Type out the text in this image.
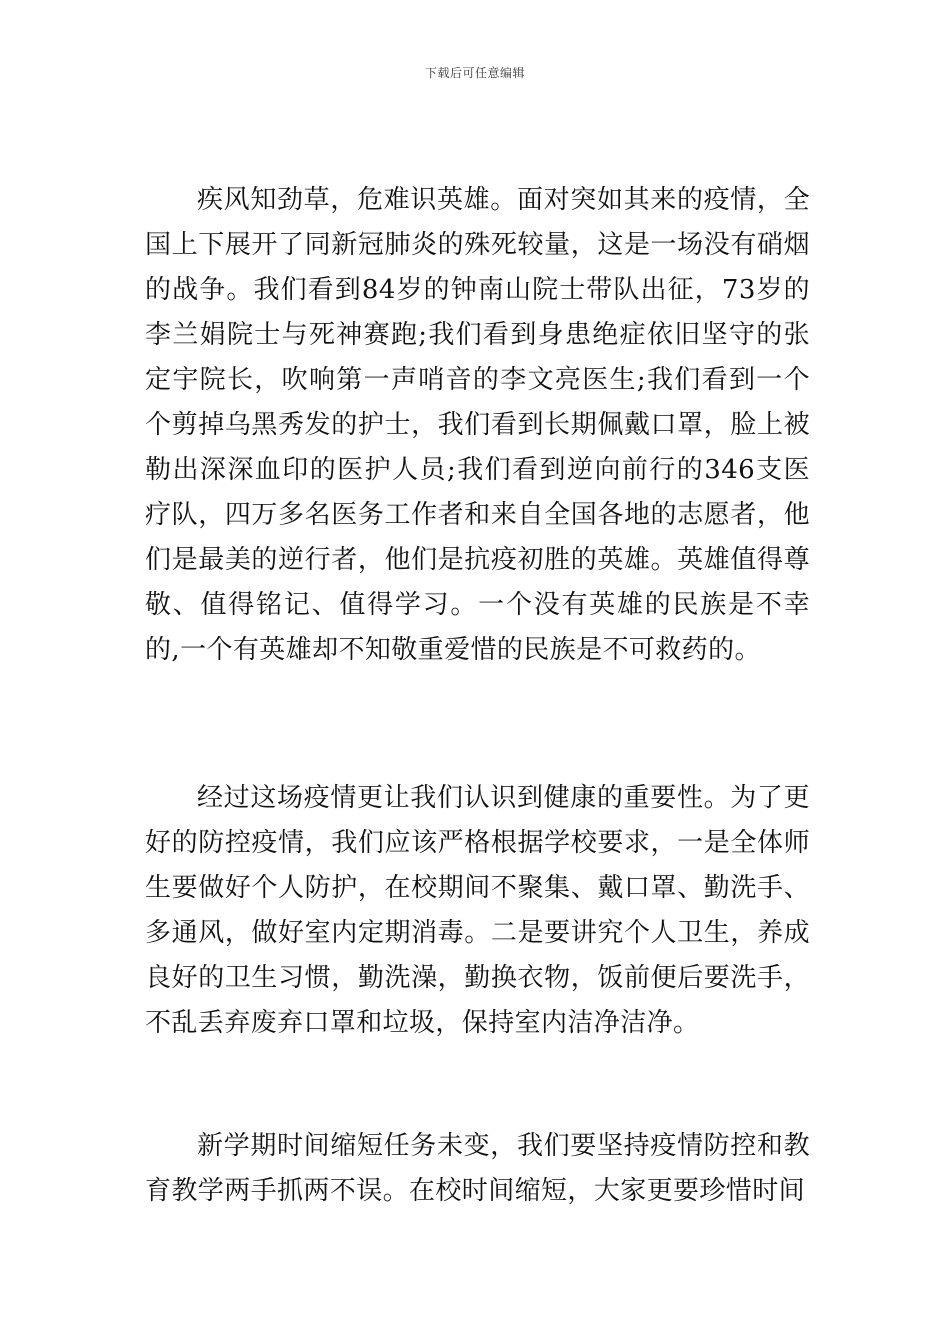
下载后可任意编辑

疾风知劲草，危难识英雄。面对突如其来的疫情，全国上下展开了同新冠肺炎的殊死较量，这是一场没有硝烟的战争。我们看到84岁的钟南山院士带队出征，73岁的李兰娟院士与死神赛跑;我们看到身患绝症依旧坚守的张定宇院长，吹响第一声哨音的李文亮医生;我们看到一个个剪掉乌黑秀发的护士，我们看到长期佩戴口罩，脸上被勒出深深血印的医护人员;我们看到逆向前行的346支医疗队，四万多名医务工作者和来自全国各地的志愿者，他们是最美的逆行者，他们是抗疫初胜的英雄。英雄值得尊敬、值得铭记、值得学习。一个没有英雄的民族是不幸的,一个有英雄却不知敬重爱惜的民族是不可救药的。

经过这场疫情更让我们认识到健康的重要性。为了更好的防控疫情，我们应该严格根据学校要求，一是全体师生要做好个人防护，在校期间不聚集、戴口罩、勤洗手、多通风，做好室内定期消毒。二是要讲究个人卫生，养成良好的卫生习惯，勤洗澡，勤换衣物，饭前便后要洗手，不乱丢弃废弃口罩和垃圾，保持室内洁净洁净。

新学期时间缩短任务未变，我们要坚持疫情防控和教育教学两手抓两不误。在校时间缩短，大家更要珍惜时间
